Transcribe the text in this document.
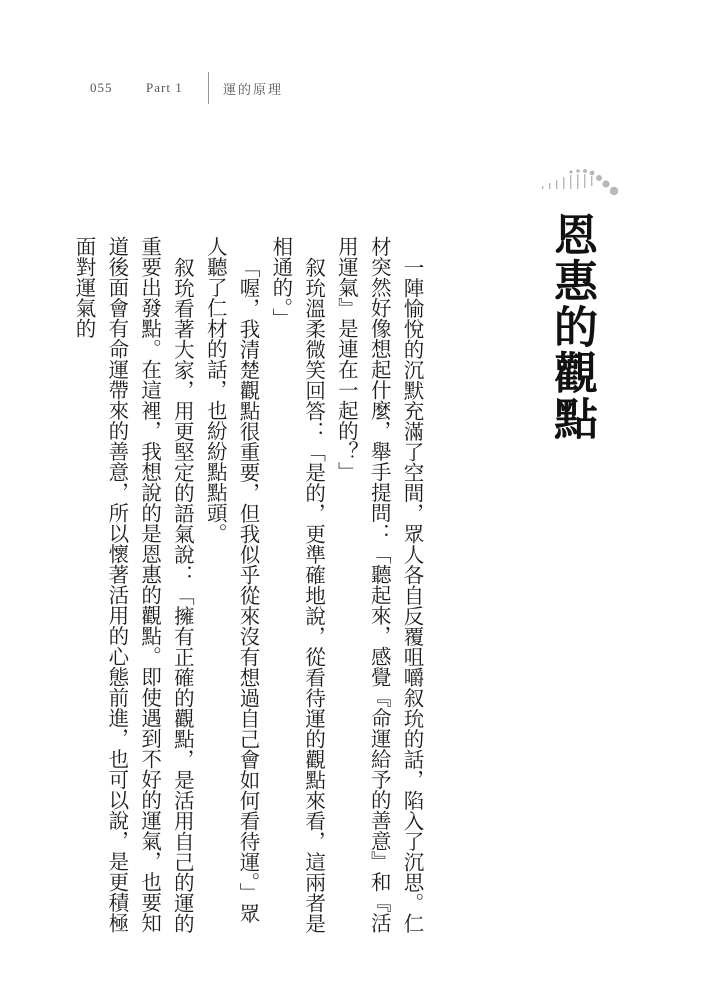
055	Part 1	運的原理
恩惠的觀點

一陣愉悅的沉默充滿了空間，眾人各自反覆咀嚼叙玧的話，陷入了沉思。仁材突然好像想起什麼，舉手提問：「聽起來，感覺『命運給予的善意』和『活用運氣』是連在一起的？」

叙玧溫柔微笑回答：「是的，更準確地說，從看待運的觀點來看，這兩者是相通的。」

「喔，我清楚觀點很重要，但我似乎從來沒有想過自己會如何看待運。」眾人聽了仁材的話，也紛紛點點頭。

叙玧看著大家，用更堅定的語氣說：「擁有正確的觀點，是活用自己的運的重要出發點。在這裡，我想說的是恩惠的觀點。即使遇到不好的運氣，也要知道後面會有命運帶來的善意，所以懷著活用的心態前進，也可以說，是更積極面對運氣的
